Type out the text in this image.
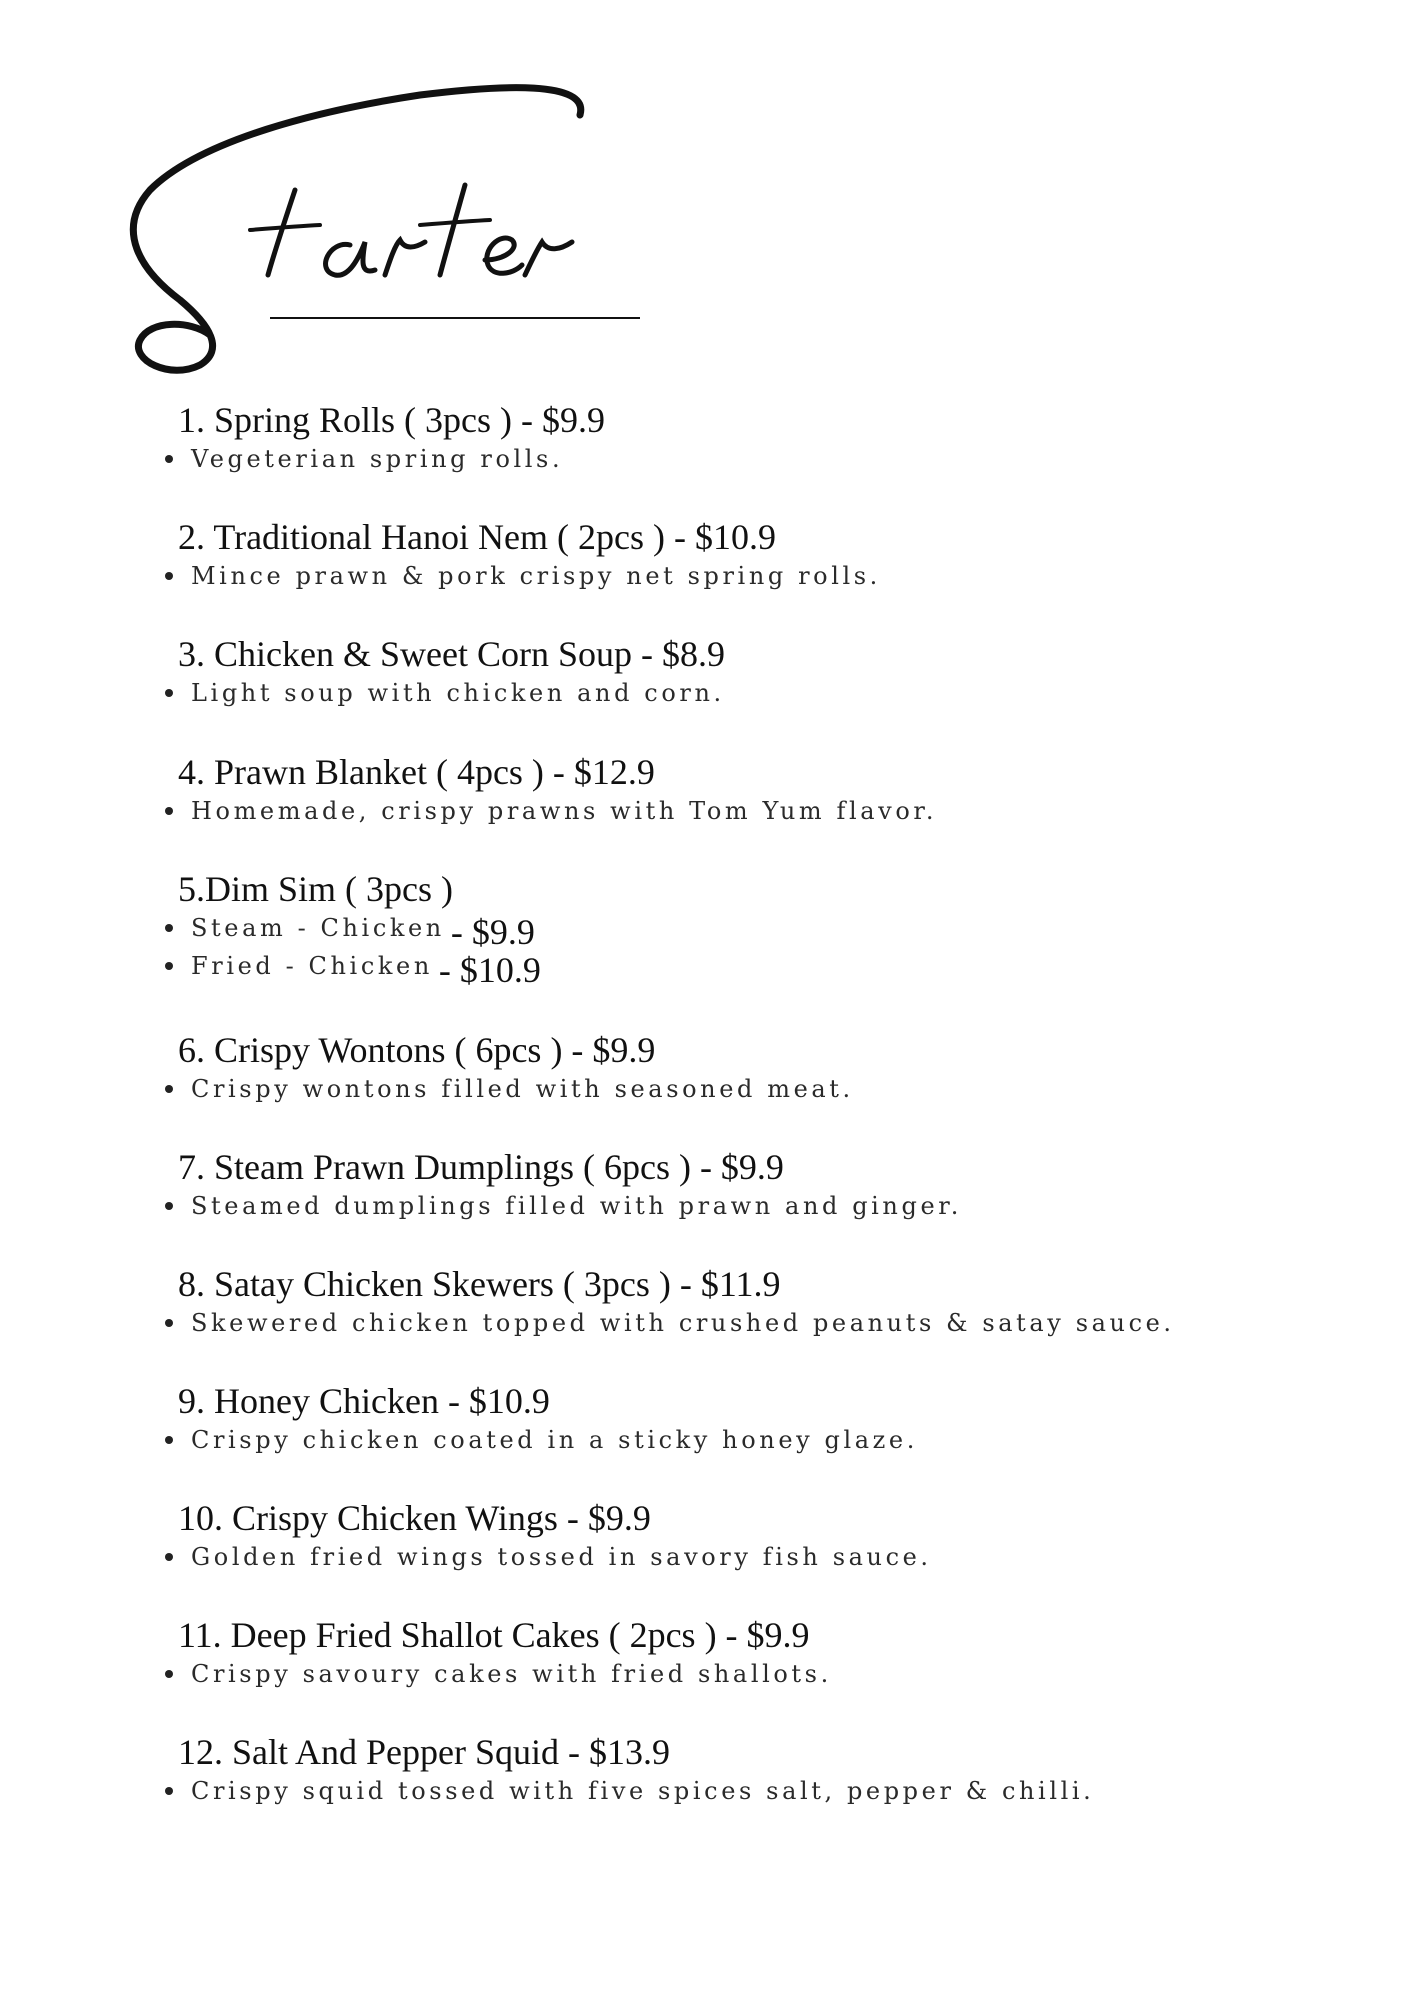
1. Spring Rolls ( 3pcs ) - $9.9
Vegeterian spring rolls.
2. Traditional Hanoi Nem ( 2pcs ) - $10.9
Mince prawn & pork crispy net spring rolls.
3. Chicken & Sweet Corn Soup - $8.9
Light soup with chicken and corn.
4. Prawn Blanket ( 4pcs ) - $12.9
Homemade, crispy prawns with Tom Yum flavor.
5.Dim Sim ( 3pcs )
Steam - Chicken - $9.9
Fried - Chicken - $10.9
6. Crispy Wontons ( 6pcs ) - $9.9
Crispy wontons filled with seasoned meat.
7. Steam Prawn Dumplings ( 6pcs ) - $9.9
Steamed dumplings filled with prawn and ginger.
8. Satay Chicken Skewers ( 3pcs ) - $11.9
Skewered chicken topped with crushed peanuts & satay sauce.
9. Honey Chicken - $10.9
Crispy chicken coated in a sticky honey glaze.
10. Crispy Chicken Wings - $9.9
Golden fried wings tossed in savory fish sauce.
11. Deep Fried Shallot Cakes ( 2pcs ) - $9.9
Crispy savoury cakes with fried shallots.
12. Salt And Pepper Squid - $13.9
Crispy squid tossed with five spices salt, pepper & chilli.
